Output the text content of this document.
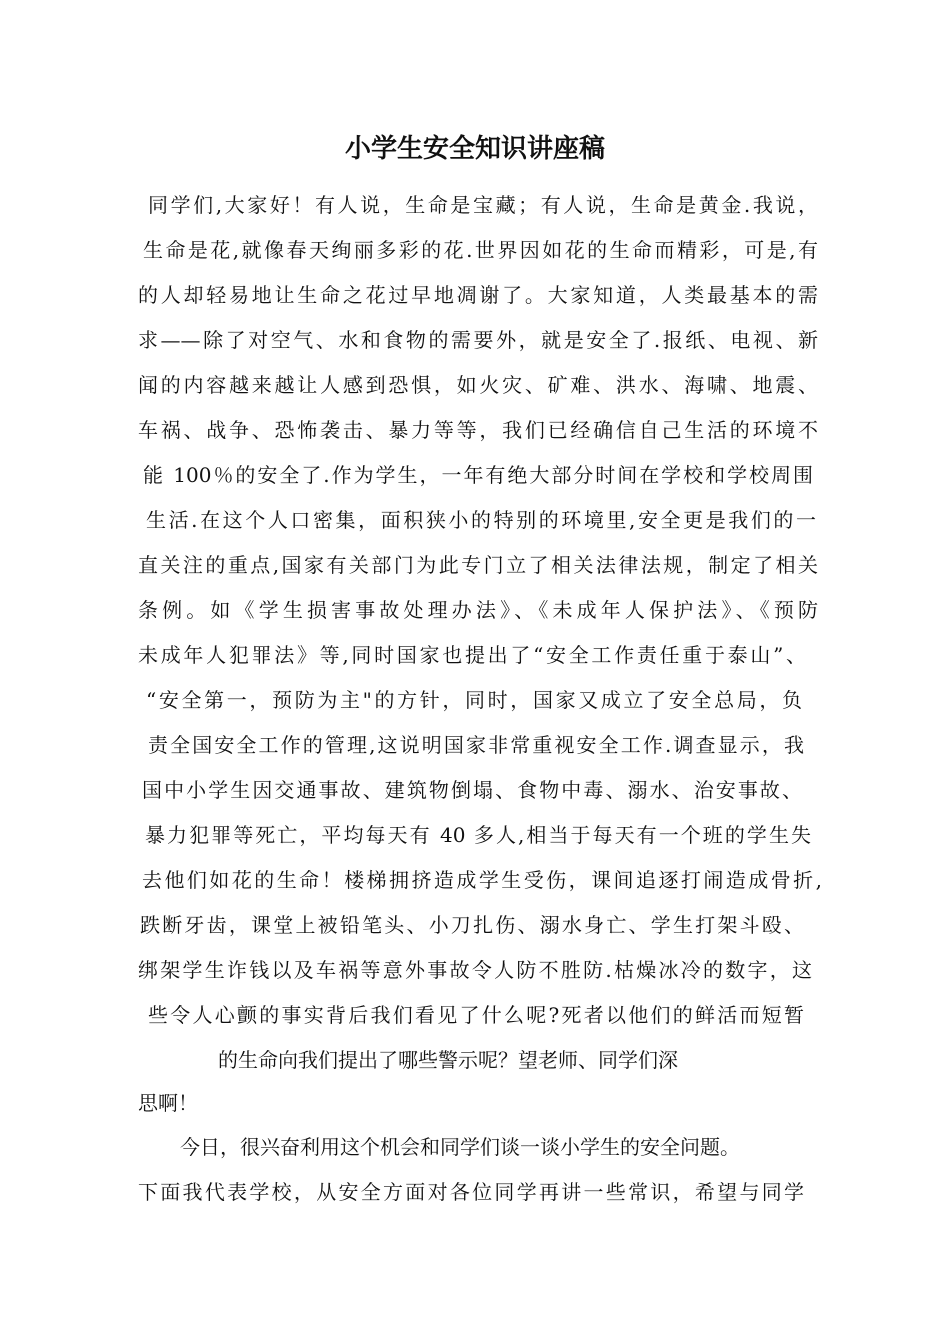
小学生安全知识讲座稿

同学们,大家好！有人说，生命是宝藏；有人说，生命是黄金.我说，

生命是花,就像春天绚丽多彩的花.世界因如花的生命而精彩，可是,有

的人却轻易地让生命之花过早地凋谢了。大家知道，人类最基本的需

求——除了对空气、水和食物的需要外，就是安全了.报纸、电视、新

闻的内容越来越让人感到恐惧，如火灾、矿难、洪水、海啸、地震、

车祸、战争、恐怖袭击、暴力等等，我们已经确信自己生活的环境不

能 100％的安全了.作为学生，一年有绝大部分时间在学校和学校周围

生活.在这个人口密集，面积狭小的特别的环境里,安全更是我们的一

直关注的重点,国家有关部门为此专门立了相关法律法规，制定了相关

条例。如《学生损害事故处理办法》、《未成年人保护法》、《预防

未成年人犯罪法》等,同时国家也提出了“安全工作责任重于泰山”、

“安全第一，预防为主"的方针，同时，国家又成立了安全总局，负

责全国安全工作的管理,这说明国家非常重视安全工作.调查显示，我

国中小学生因交通事故、建筑物倒塌、食物中毒、溺水、治安事故、

暴力犯罪等死亡，平均每天有 40 多人,相当于每天有一个班的学生失

去他们如花的生命！楼梯拥挤造成学生受伤，课间追逐打闹造成骨折,

跌断牙齿，课堂上被铅笔头、小刀扎伤、溺水身亡、学生打架斗殴、

绑架学生诈钱以及车祸等意外事故令人防不胜防.枯燥冰冷的数字，这

些令人心颤的事实背后我们看见了什么呢?死者以他们的鲜活而短暂

的生命向我们提出了哪些警示呢？望老师、同学们深

思啊！

今日，很兴奋利用这个机会和同学们谈一谈小学生的安全问题。

下面我代表学校，从安全方面对各位同学再讲一些常识，希望与同学
